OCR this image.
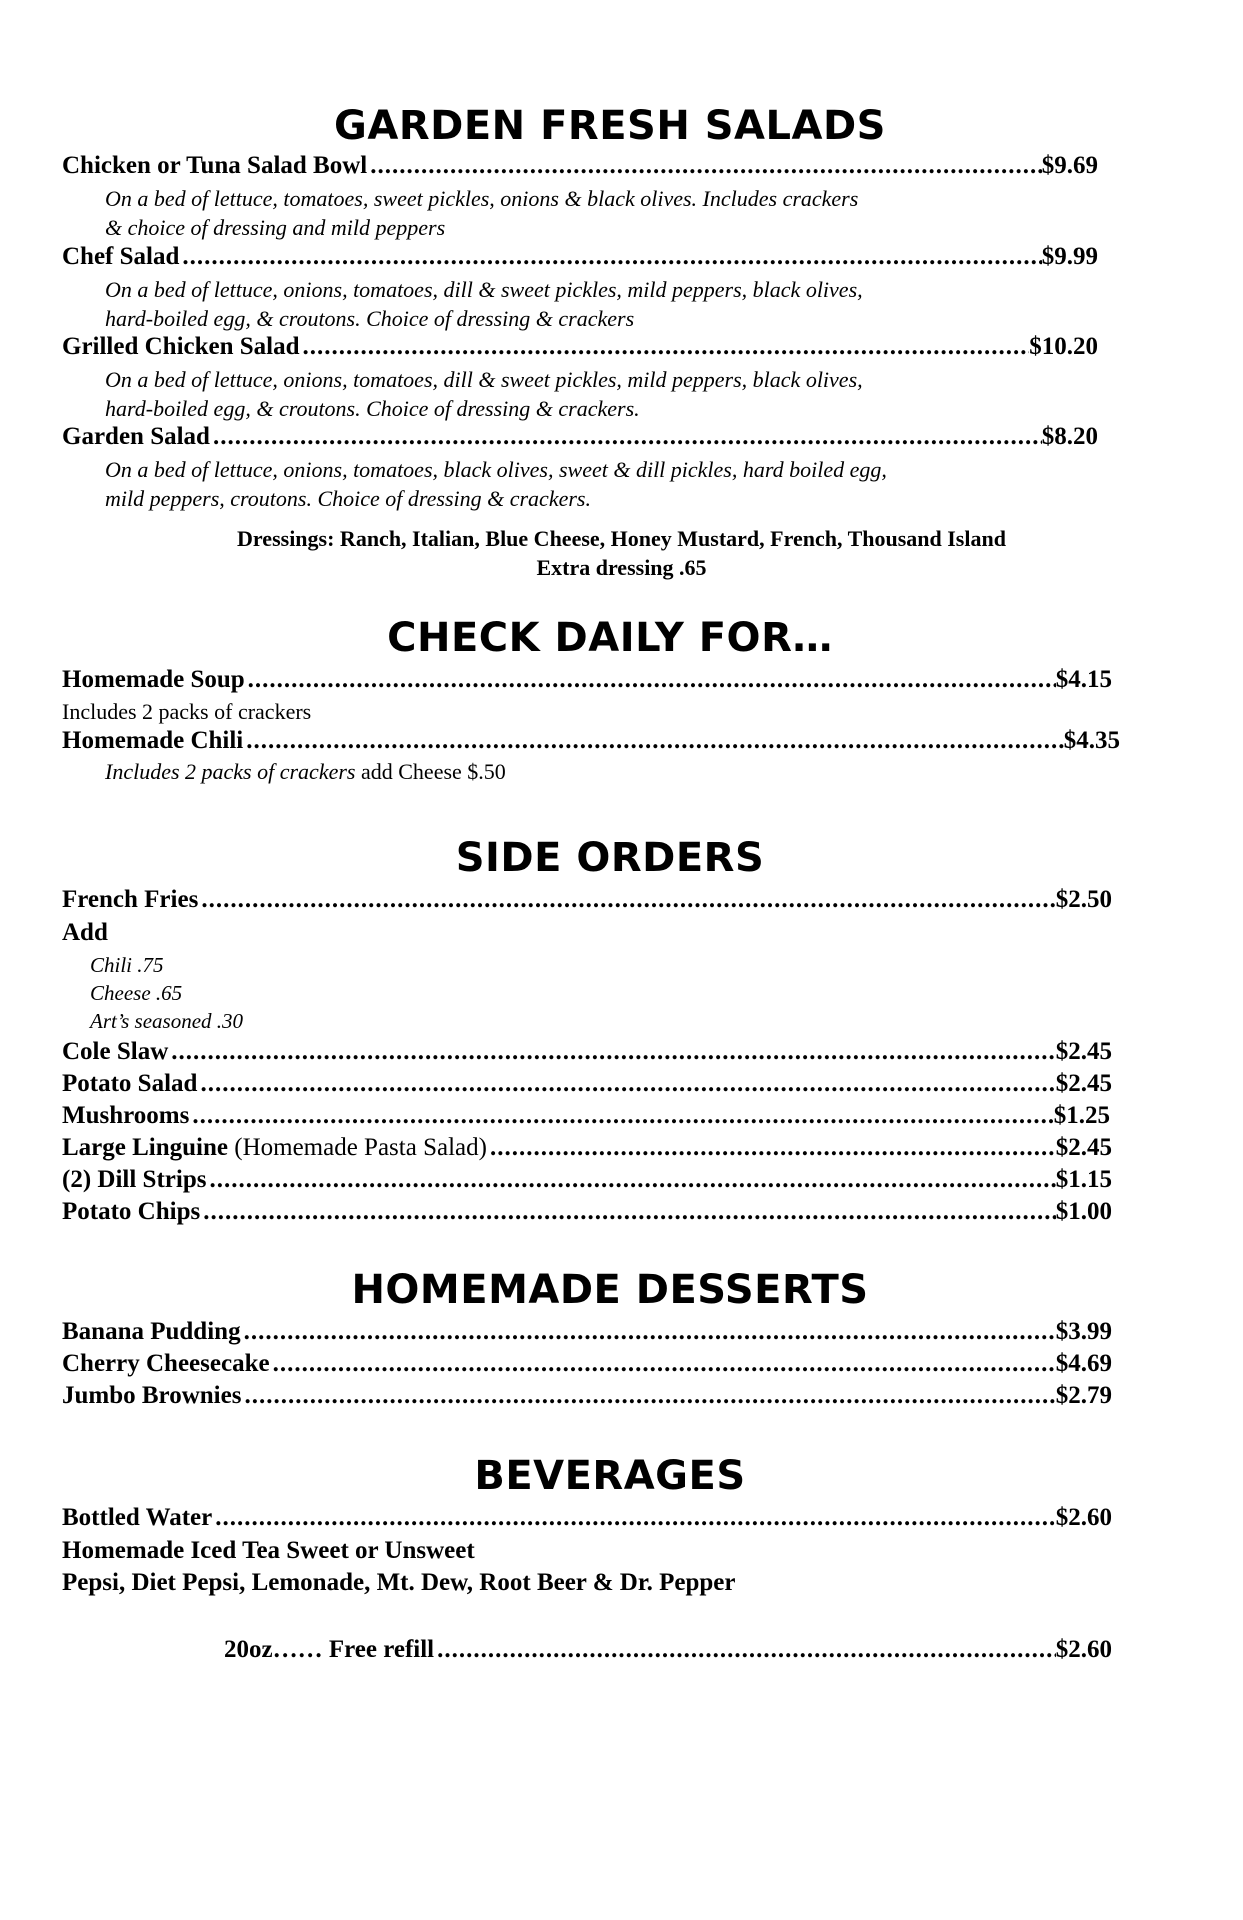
GARDEN FRESH SALADS
Chicken or Tuna Salad Bowl .....	$9.69
On a bed of lettuce, tomatoes, sweet pickles, onions & black olives. Includes crackers
& choice of dressing and mild peppers
Chef Salad .....	$9.99
On a bed of lettuce, onions, tomatoes, dill & sweet pickles, mild peppers, black olives,
hard-boiled egg, & croutons. Choice of dressing & crackers
Grilled Chicken Salad .....	$10.20
On a bed of lettuce, onions, tomatoes, dill & sweet pickles, mild peppers, black olives,
hard-boiled egg, & croutons. Choice of dressing & crackers.
Garden Salad .....	$8.20
On a bed of lettuce, onions, tomatoes, black olives, sweet & dill pickles, hard boiled egg,
mild peppers, croutons. Choice of dressing & crackers.
Dressings: Ranch, Italian, Blue Cheese, Honey Mustard, French, Thousand Island
Extra dressing .65
CHECK DAILY FOR…
Homemade Soup .....	$4.15
Includes 2 packs of crackers
Homemade Chili .....	$4.35
Includes 2 packs of crackers add Cheese $.50
SIDE ORDERS
French Fries .....	$2.50
Add
Chili .75
Cheese .65
Art’s seasoned .30
Cole Slaw .....	$2.45
Potato Salad .....	$2.45
Mushrooms .....	$1.25
Large Linguine (Homemade Pasta Salad) .....	$2.45
(2) Dill Strips .....	$1.15
Potato Chips .....	$1.00
HOMEMADE DESSERTS
Banana Pudding .....	$3.99
Cherry Cheesecake .....	$4.69
Jumbo Brownies .....	$2.79
BEVERAGES
Bottled Water .....	$2.60
Homemade Iced Tea Sweet or Unsweet
Pepsi, Diet Pepsi, Lemonade, Mt. Dew, Root Beer & Dr. Pepper
20oz…… Free refill .....	$2.60
